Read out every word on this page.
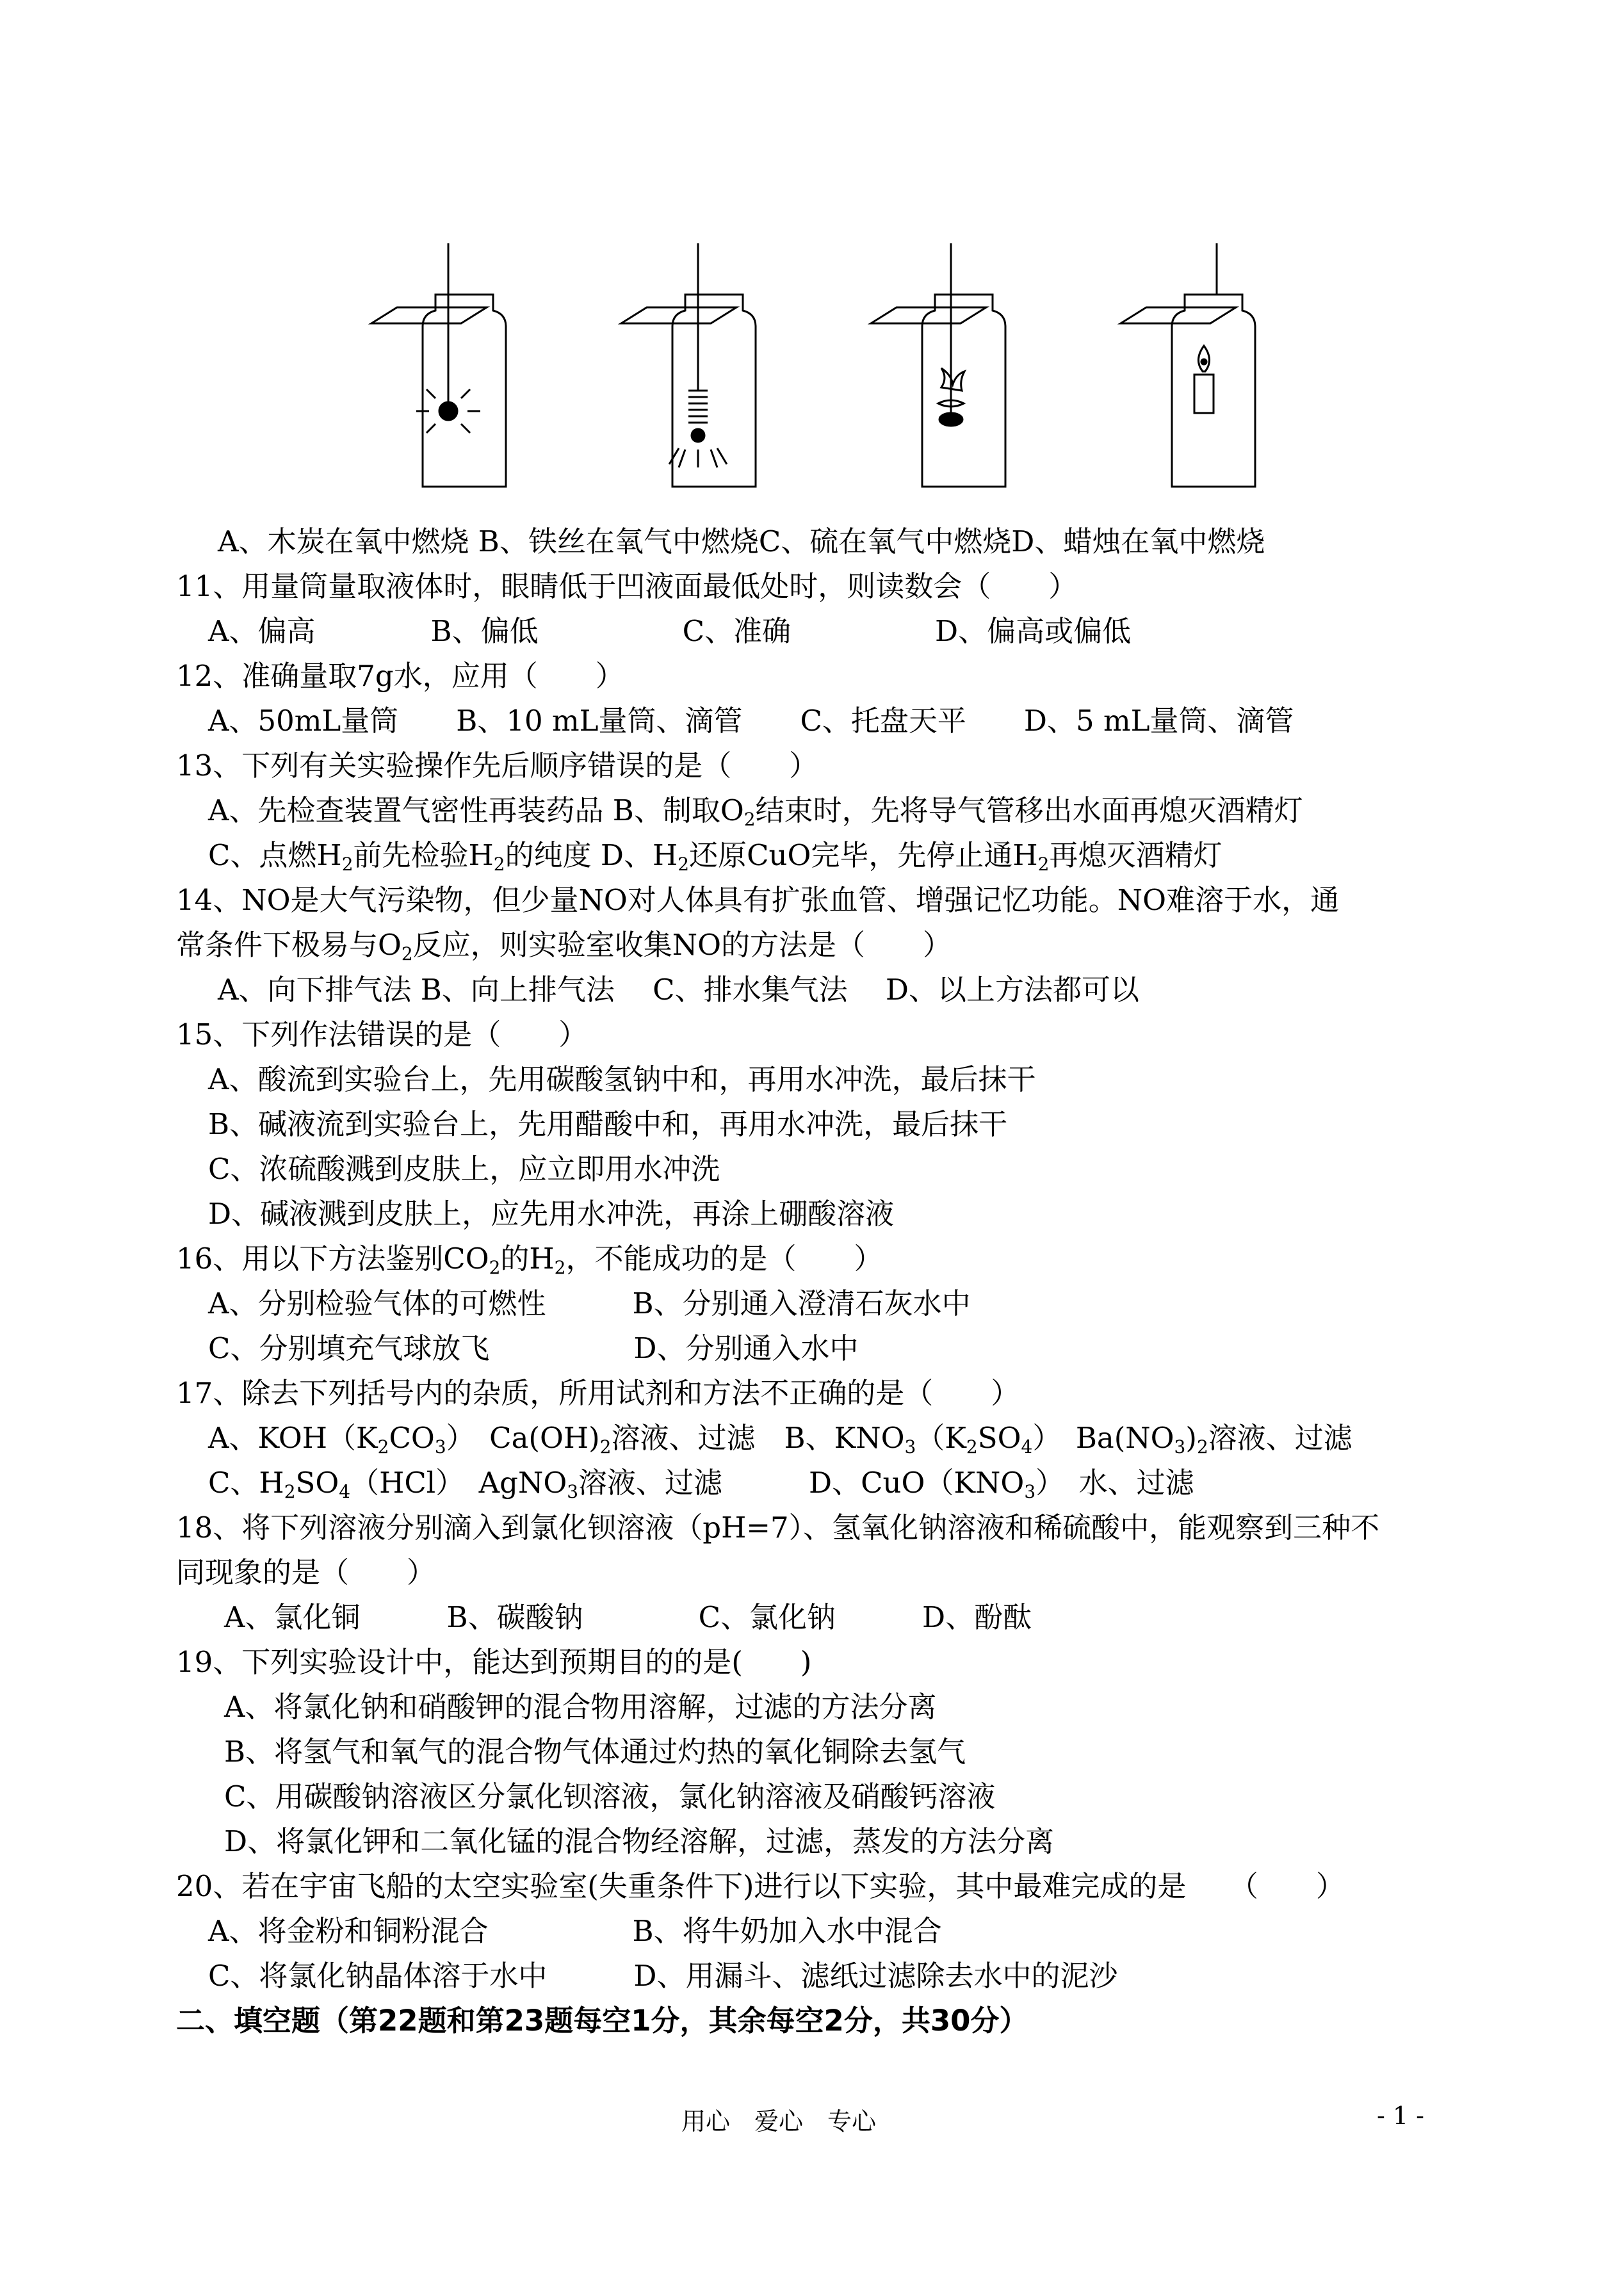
A、木炭在氧中燃烧 B、铁丝在氧气中燃烧C、硫在氧气中燃烧D、蜡烛在氧中燃烧
11、用量筒量取液体时，眼睛低于凹液面最低处时，则读数会（　　）
A、偏高　　　　B、偏低　　　　　C、准确　　　　　D、偏高或偏低
12、准确量取7g水，应用（　　）
A、50mL量筒　　B、10 mL量筒、滴管　　C、托盘天平　　D、5 mL量筒、滴管
13、下列有关实验操作先后顺序错误的是（　　）
A、先检查装置气密性再装药品 B、制取$O_2$结束时，先将导气管移出水面再熄灭酒精灯
C、点燃$H_2$前先检验$H_2$的纯度 D、$H_2$还原CuO完毕，先停止通$H_2$再熄灭酒精灯
14、NO是大气污染物，但少量NO对人体具有扩张血管、增强记忆功能。NO难溶于水，通
常条件下极易与$O_2$反应，则实验室收集NO的方法是（　　）
A、向下排气法 B、向上排气法　 C、排水集气法　 D、以上方法都可以
15、下列作法错误的是（　　）
A、酸流到实验台上，先用碳酸氢钠中和，再用水冲洗，最后抹干
B、碱液流到实验台上，先用醋酸中和，再用水冲洗，最后抹干
C、浓硫酸溅到皮肤上，应立即用水冲洗
D、碱液溅到皮肤上，应先用水冲洗，再涂上硼酸溶液
16、用以下方法鉴别$CO_2$的$H_2$，不能成功的是（　　）
A、分别检验气体的可燃性　　　B、分别通入澄清石灰水中
C、分别填充气球放飞　　　　　D、分别通入水中
17、除去下列括号内的杂质，所用试剂和方法不正确的是（　　）
A、$KOH(K_2CO_3)$　$Ca(OH)_2$溶液、过滤　B、$KNO_3(K_2SO_4)$　$Ba(NO_3)_2$溶液、过滤
C、$H_2SO_4(HCl)$　AgNO$_3$溶液、过滤　　　D、$CuO(KNO_3)$　水、过滤
18、将下列溶液分别滴入到氯化钡溶液（pH=7）、氢氧化钠溶液和稀硫酸中，能观察到三种不
同现象的是（　　）
A、氯化铜　　　B、碳酸钠　　　　C、氯化钠　　　D、酚酞
19、下列实验设计中，能达到预期目的的是(　　)
A、将氯化钠和硝酸钾的混合物用溶解，过滤的方法分离
B、将氢气和氧气的混合物气体通过灼热的氧化铜除去氢气
C、用碳酸钠溶液区分氯化钡溶液，氯化钠溶液及硝酸钙溶液
D、将氯化钾和二氧化锰的混合物经溶解，过滤，蒸发的方法分离
20、若在宇宙飞船的太空实验室(失重条件下)进行以下实验，其中最难完成的是　　（　　）
A、将金粉和铜粉混合　　　　　B、将牛奶加入水中混合
C、将氯化钠晶体溶于水中　　　D、用漏斗、滤纸过滤除去水中的泥沙
二、填空题（第22题和第23题每空1分，其余每空2分，共30分）
用心　爱心　专心	- 1 -
